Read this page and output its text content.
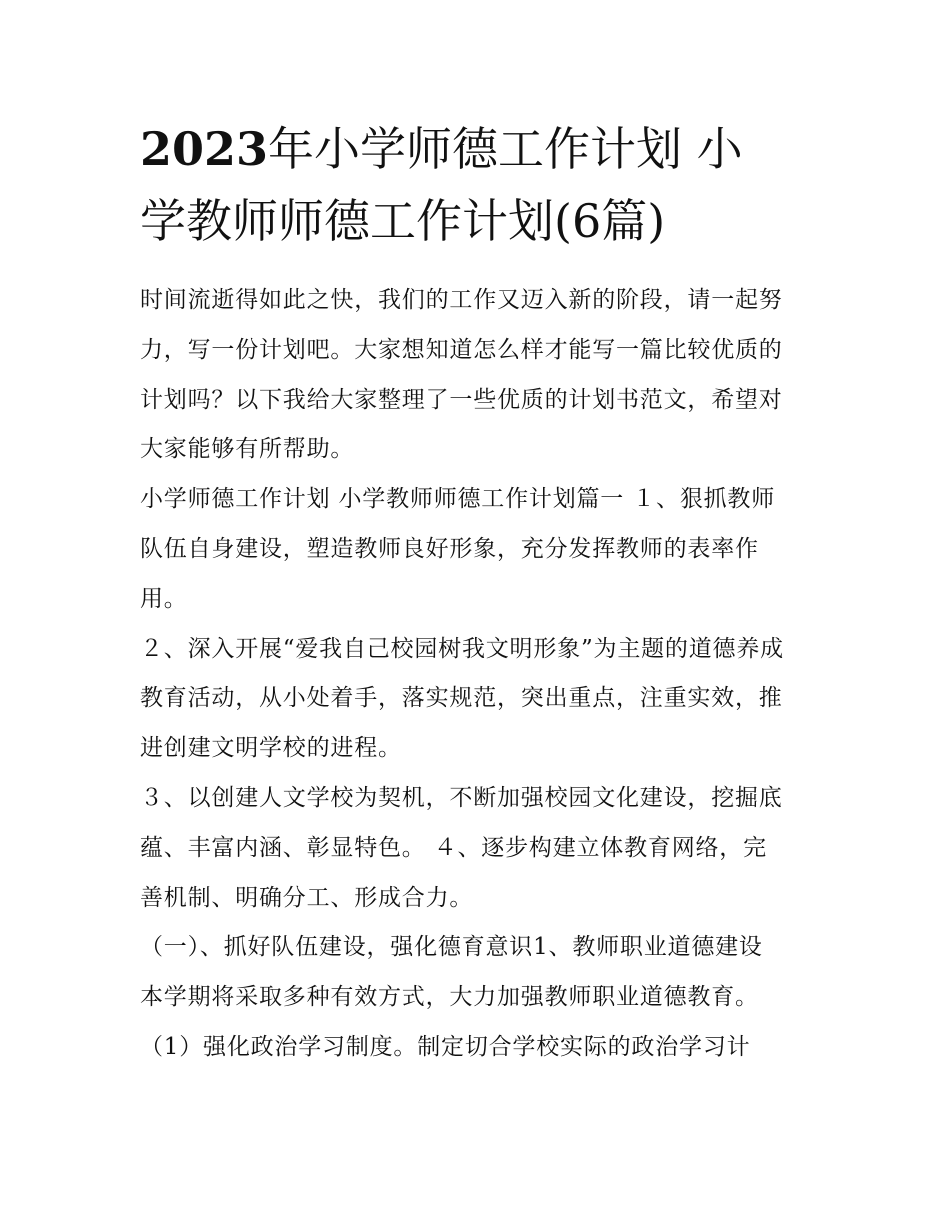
2023年小学师德工作计划 小
学教师师德工作计划(6篇)

时间流逝得如此之快，我们的工作又迈入新的阶段，请一起努
力，写一份计划吧。大家想知道怎么样才能写一篇比较优质的
计划吗？以下我给大家整理了一些优质的计划书范文，希望对
大家能够有所帮助。

小学师德工作计划 小学教师师德工作计划篇一 １、狠抓教师
队伍自身建设，塑造教师良好形象，充分发挥教师的表率作
用。

２、深入开展“爱我自己校园树我文明形象”为主题的道德养成
教育活动，从小处着手，落实规范，突出重点，注重实效，推
进创建文明学校的进程。

３、以创建人文学校为契机，不断加强校园文化建设，挖掘底
蕴、丰富内涵、彰显特色。 ４、逐步构建立体教育网络，完
善机制、明确分工、形成合力。

（一）、抓好队伍建设，强化德育意识1、教师职业道德建设
本学期将采取多种有效方式，大力加强教师职业道德教育。

（1）强化政治学习制度。制定切合学校实际的政治学习计
